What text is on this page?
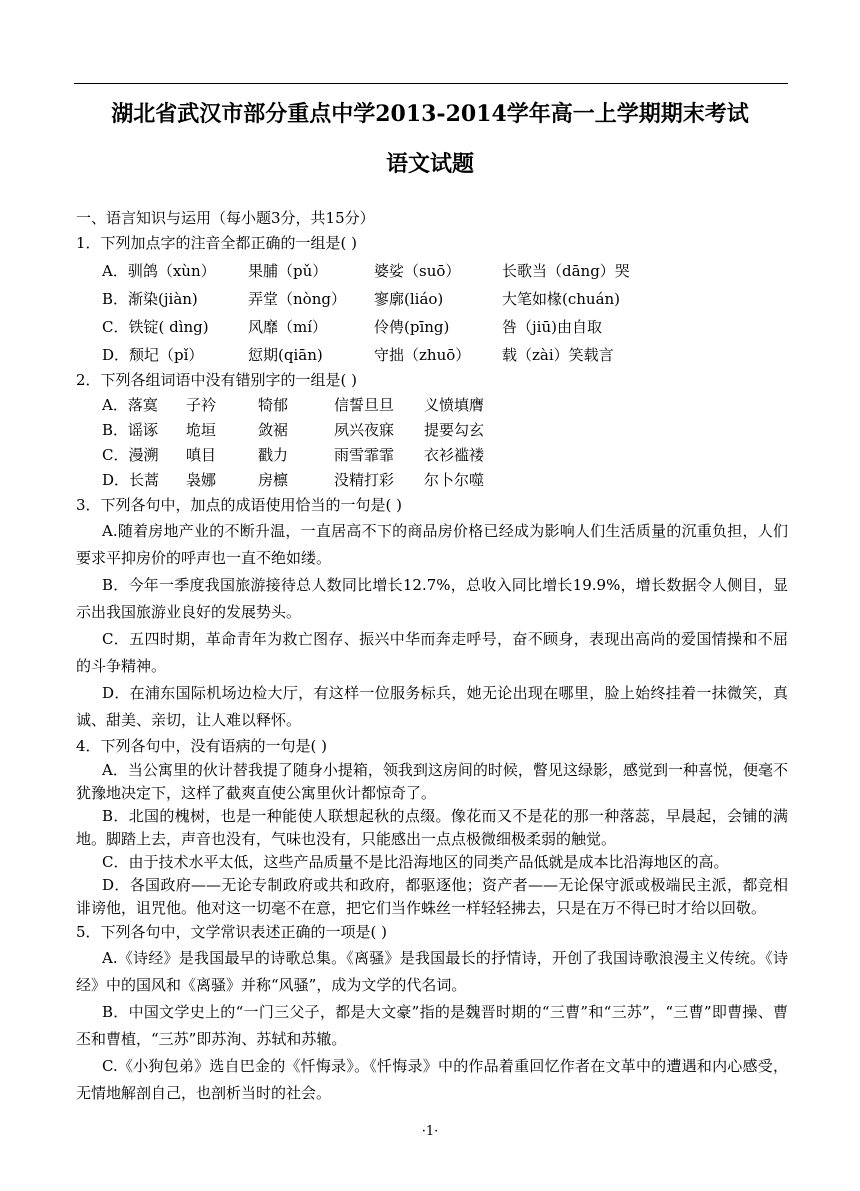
湖北省武汉市部分重点中学2013-2014学年高一上学期期末考试
语文试题
一、语言知识与运用（每小题3分，共15分）
1．下列加点字的注音全都正确的一组是( )
A．驯鸽（xùn）	果脯（pǔ）	婆娑（suō）	长歌当（dāng）哭
B．渐染(jiàn)	弄堂（nòng）	寥廓(liáo)	大笔如椽(chuán)
C．铁锭( dìng)	风靡（mí）	伶俜(pīng)	咎（jiū)由自取
D．颓圮（pǐ）	愆期(qiān)	守拙（zhuō）	载（zài）笑载言
2．下列各组词语中没有错别字的一组是( )
A．落寞	子衿	犄郁	信誓旦旦	义愤填膺
B．谣诼	垝垣	敛裾	夙兴夜寐	提要勾玄
C．漫溯	嗔目	戳力	雨雪霏霏	衣衫褴褛
D．长蒿	袅娜	房檩	没精打彩	尔卜尔噬
3．下列各句中，加点的成语使用恰当的一句是( )

A.随着房地产业的不断升温，一直居高不下的商品房价格已经成为影响人们生活质量的沉重负担，人们要求平抑房价的呼声也一直不绝如缕。

B．今年一季度我国旅游接待总人数同比增长12.7%，总收入同比增长19.9%，增长数据令人侧目，显示出我国旅游业良好的发展势头。

C．五四时期，革命青年为救亡图存、振兴中华而奔走呼号，奋不顾身，表现出高尚的爱国情操和不屈的斗争精神。

D．在浦东国际机场边检大厅，有这样一位服务标兵，她无论出现在哪里，脸上始终挂着一抹微笑，真诚、甜美、亲切，让人难以释怀。

4．下列各句中，没有语病的一句是( )

A．当公寓里的伙计替我提了随身小提箱，领我到这房间的时候，瞥见这绿影，感觉到一种喜悦，便毫不犹豫地决定下，这样了截爽直使公寓里伙计都惊奇了。

B．北国的槐树，也是一种能使人联想起秋的点缀。像花而又不是花的那一种落蕊，早晨起，会铺的满地。脚踏上去，声音也没有，气味也没有，只能感出一点点极微细极柔弱的触觉。

C．由于技术水平太低，这些产品质量不是比沿海地区的同类产品低就是成本比沿海地区的高。

D．各国政府——无论专制政府或共和政府，都驱逐他；资产者——无论保守派或极端民主派，都竞相诽谤他，诅咒他。他对这一切毫不在意，把它们当作蛛丝一样轻轻拂去，只是在万不得已时才给以回敬。

5．下列各句中，文学常识表述正确的一项是( )

A.《诗经》是我国最早的诗歌总集。《离骚》是我国最长的抒情诗，开创了我国诗歌浪漫主义传统。《诗经》中的国风和《离骚》并称“风骚”，成为文学的代名词。

B．中国文学史上的“一门三父子，都是大文豪”指的是魏晋时期的“三曹”和“三苏”，“三曹”即曹操、曹丕和曹植，“三苏”即苏洵、苏轼和苏辙。

C.《小狗包弟》选自巴金的《忏悔录》。《忏悔录》中的作品着重回忆作者在文革中的遭遇和内心感受，无情地解剖自己，也剖析当时的社会。

·1·
